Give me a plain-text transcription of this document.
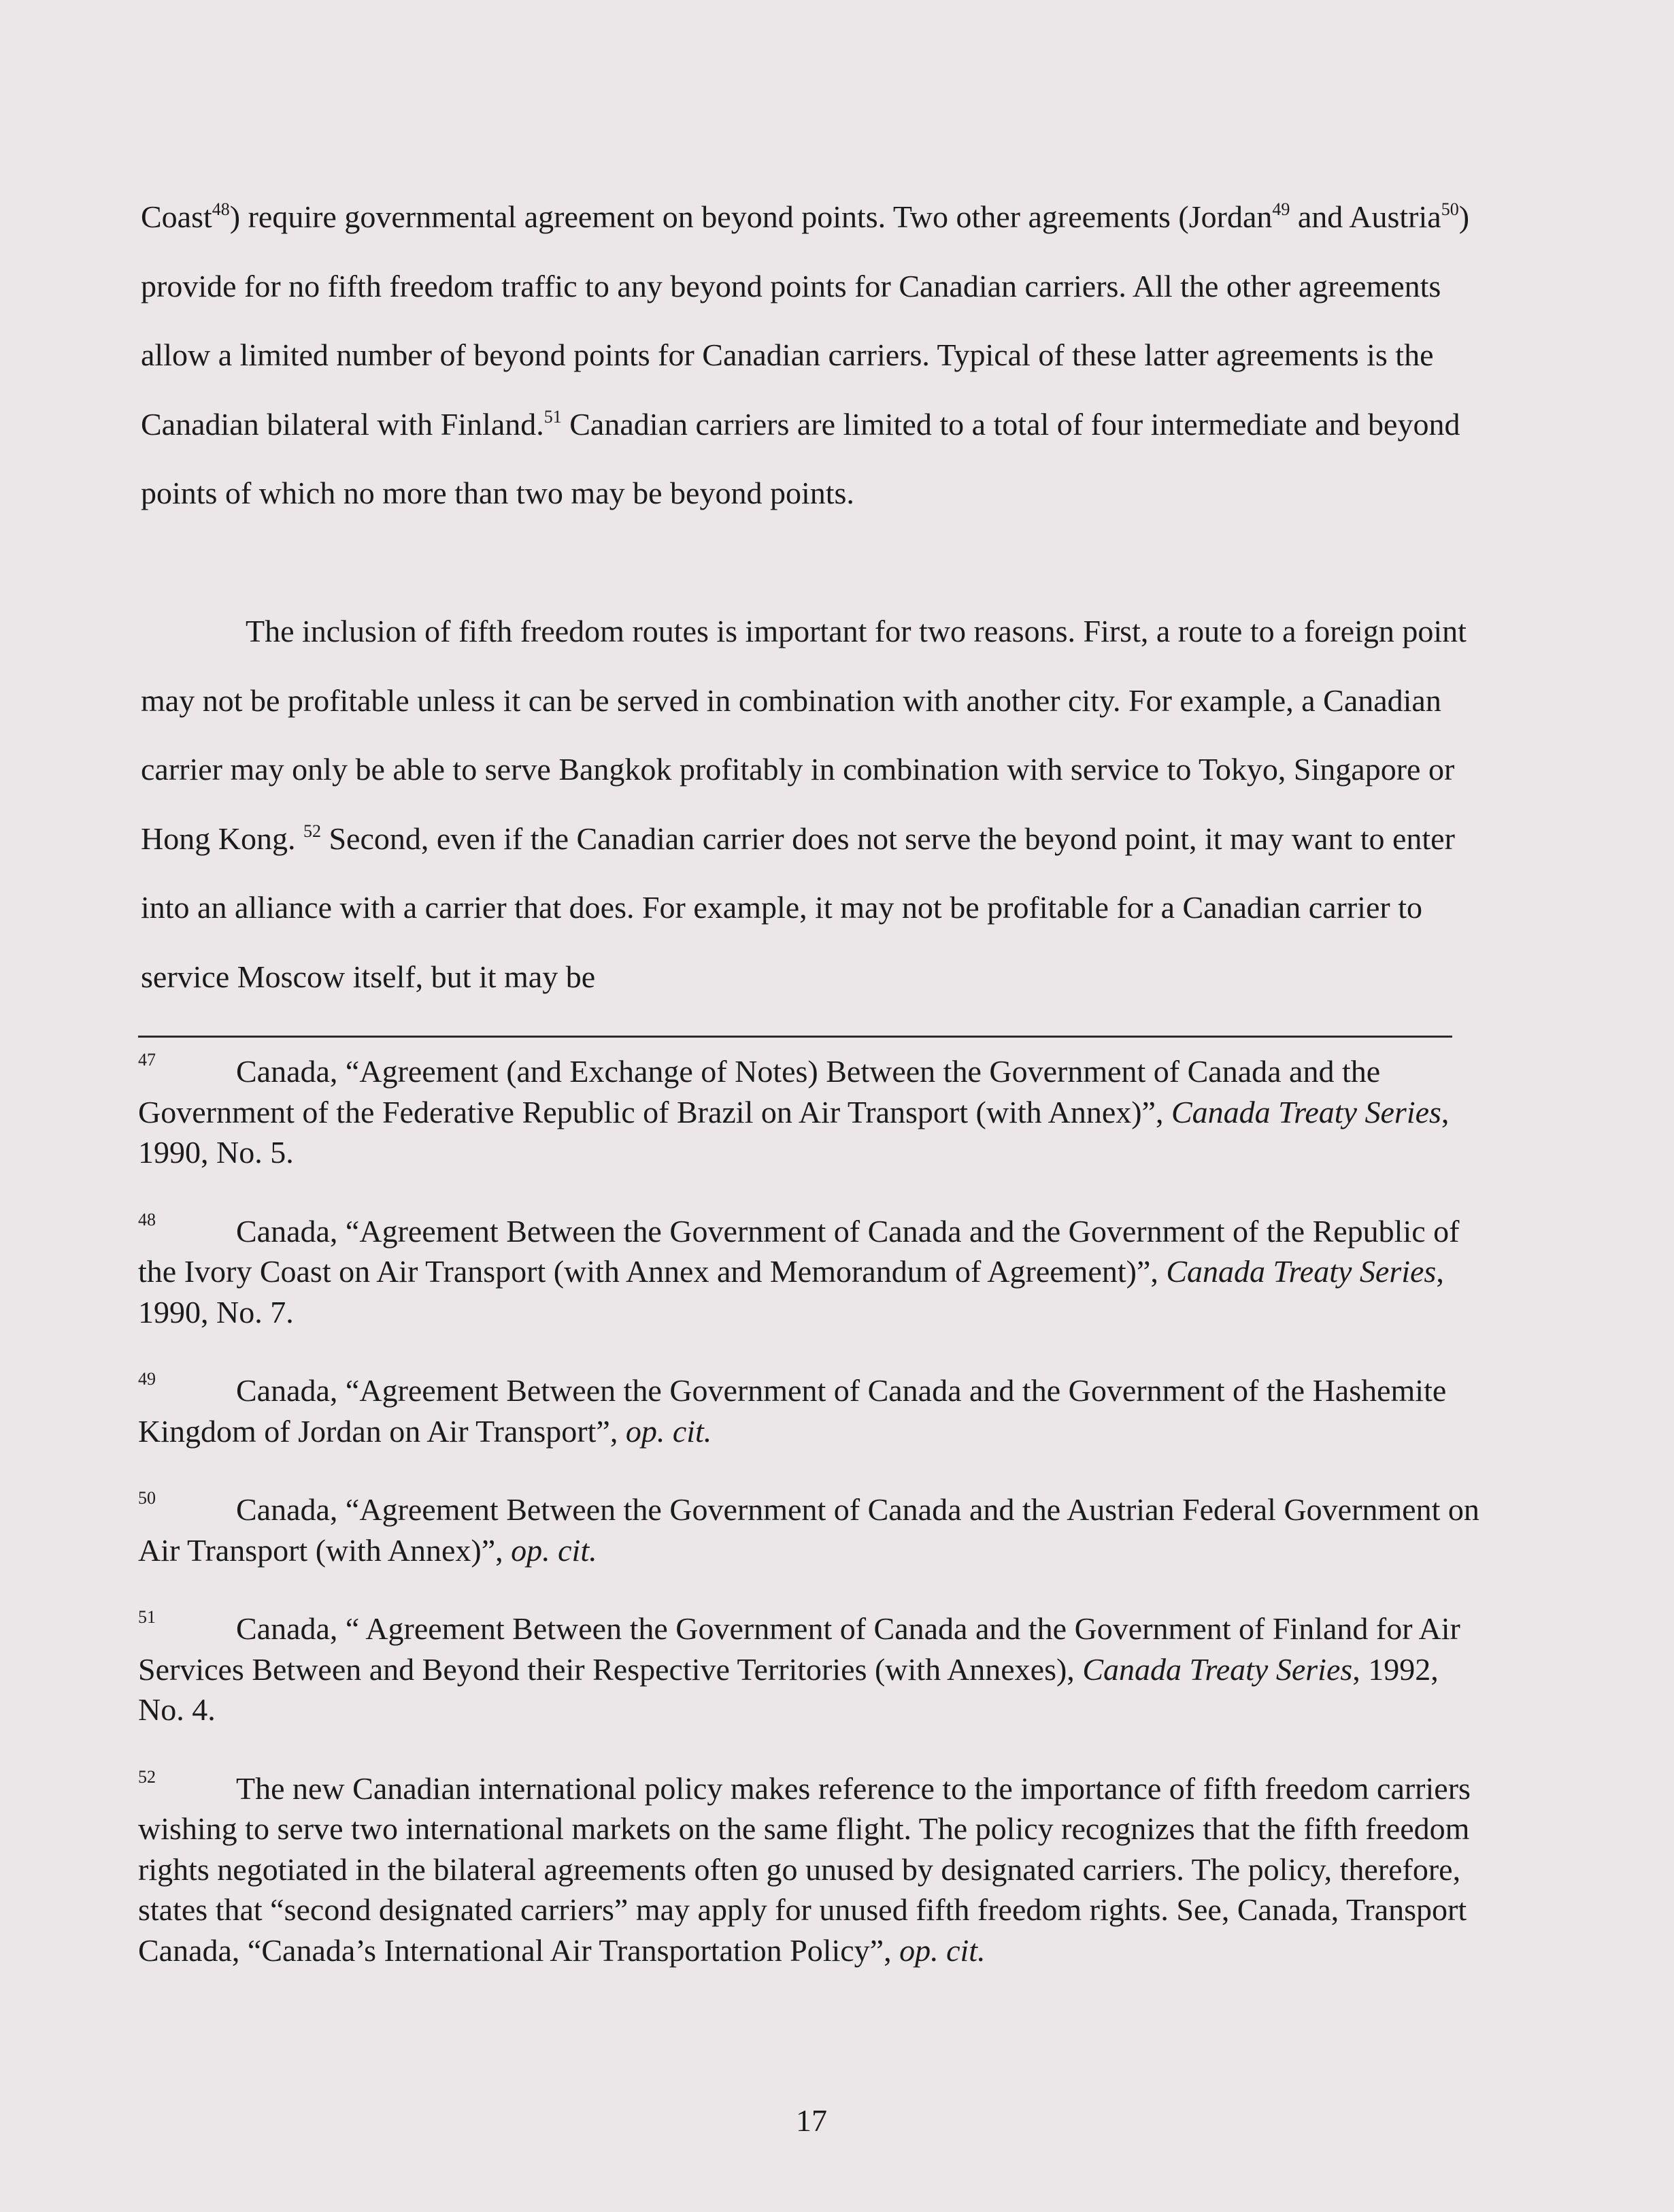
Coast$^{48}$) require governmental agreement on beyond points. Two other agreements (Jordan$^{49}$ and Austria$^{50}$) provide for no fifth freedom traffic to any beyond points for Canadian carriers. All the other agreements allow a limited number of beyond points for Canadian carriers. Typical of these latter agreements is the Canadian bilateral with Finland.$^{51}$ Canadian carriers are limited to a total of four intermediate and beyond points of which no more than two may be beyond points.

The inclusion of fifth freedom routes is important for two reasons. First, a route to a foreign point may not be profitable unless it can be served in combination with another city. For example, a Canadian carrier may only be able to serve Bangkok profitably in combination with service to Tokyo, Singapore or Hong Kong. $^{52}$ Second, even if the Canadian carrier does not serve the beyond point, it may want to enter into an alliance with a carrier that does. For example, it may not be profitable for a Canadian carrier to service Moscow itself, but it may be

$^{47}$	Canada, “Agreement (and Exchange of Notes) Between the Government of Canada and the Government of the Federative Republic of Brazil on Air Transport (with Annex)”, Canada Treaty Series, 1990, No. 5.

$^{48}$	Canada, “Agreement Between the Government of Canada and the Government of the Republic of the Ivory Coast on Air Transport (with Annex and Memorandum of Agreement)”, Canada Treaty Series, 1990, No. 7.

$^{49}$	Canada, “Agreement Between the Government of Canada and the Government of the Hashemite Kingdom of Jordan on Air Transport”, op. cit.

$^{50}$	Canada, “Agreement Between the Government of Canada and the Austrian Federal Government on Air Transport (with Annex)”, op. cit.

$^{51}$	Canada, “ Agreement Between the Government of Canada and the Government of Finland for Air Services Between and Beyond their Respective Territories (with Annexes), Canada Treaty Series, 1992, No. 4.

$^{52}$	The new Canadian international policy makes reference to the importance of fifth freedom carriers wishing to serve two international markets on the same flight. The policy recognizes that the fifth freedom rights negotiated in the bilateral agreements often go unused by designated carriers. The policy, therefore, states that “second designated carriers” may apply for unused fifth freedom rights. See, Canada, Transport Canada, “Canada’s International Air Transportation Policy”, op. cit.

17
